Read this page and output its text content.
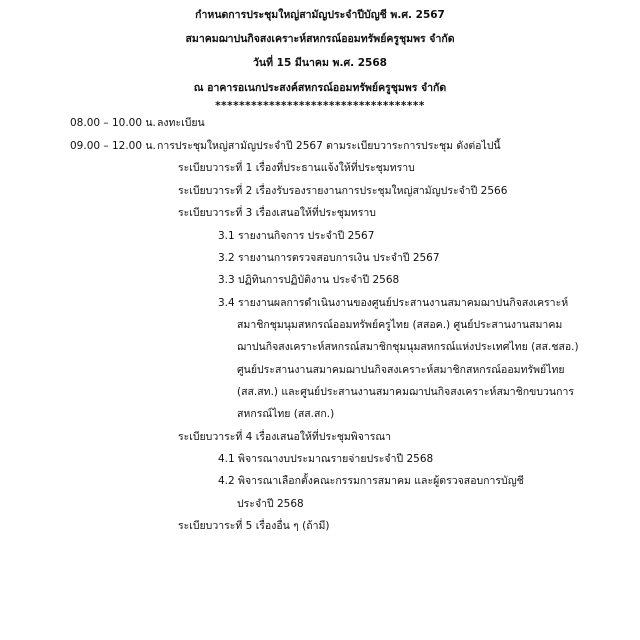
กำหนดการประชุมใหญ่สามัญประจำปีบัญชี พ.ศ. 2567
สมาคมฌาปนกิจสงเคราะห์สหกรณ์ออมทรัพย์ครูชุมพร จำกัด
วันที่ 15 มีนาคม พ.ศ. 2568
ณ อาคารอเนกประสงค์สหกรณ์ออมทรัพย์ครูชุมพร จำกัด
***********************************
08.00 – 10.00 น. ลงทะเบียน
09.00 – 12.00 น. การประชุมใหญ่สามัญประจำปี 2567 ตามระเบียบวาระการประชุม ดังต่อไปนี้
ระเบียบวาระที่ 1 เรื่องที่ประธานแจ้งให้ที่ประชุมทราบ
ระเบียบวาระที่ 2 เรื่องรับรองรายงานการประชุมใหญ่สามัญประจำปี 2566
ระเบียบวาระที่ 3 เรื่องเสนอให้ที่ประชุมทราบ
3.1 รายงานกิจการ ประจำปี 2567
3.2 รายงานการตรวจสอบการเงิน ประจำปี 2567
3.3 ปฏิทินการปฏิบัติงาน ประจำปี 2568
3.4 รายงานผลการดำเนินงานของศูนย์ประสานงานสมาคมฌาปนกิจสงเคราะห์
สมาชิกชุมนุมสหกรณ์ออมทรัพย์ครูไทย (สสอค.) ศูนย์ประสานงานสมาคม
ฌาปนกิจสงเคราะห์สหกรณ์สมาชิกชุมนุมสหกรณ์แห่งประเทศไทย (สส.ชสอ.)
ศูนย์ประสานงานสมาคมฌาปนกิจสงเคราะห์สมาชิกสหกรณ์ออมทรัพย์ไทย
(สส.สท.) และศูนย์ประสานงานสมาคมฌาปนกิจสงเคราะห์สมาชิกขบวนการ
สหกรณ์ไทย (สส.สก.)
ระเบียบวาระที่ 4 เรื่องเสนอให้ที่ประชุมพิจารณา
4.1 พิจารณางบประมาณรายจ่ายประจำปี 2568
4.2 พิจารณาเลือกตั้งคณะกรรมการสมาคม และผู้ตรวจสอบการบัญชี
ประจำปี 2568
ระเบียบวาระที่ 5 เรื่องอื่น ๆ (ถ้ามี)
